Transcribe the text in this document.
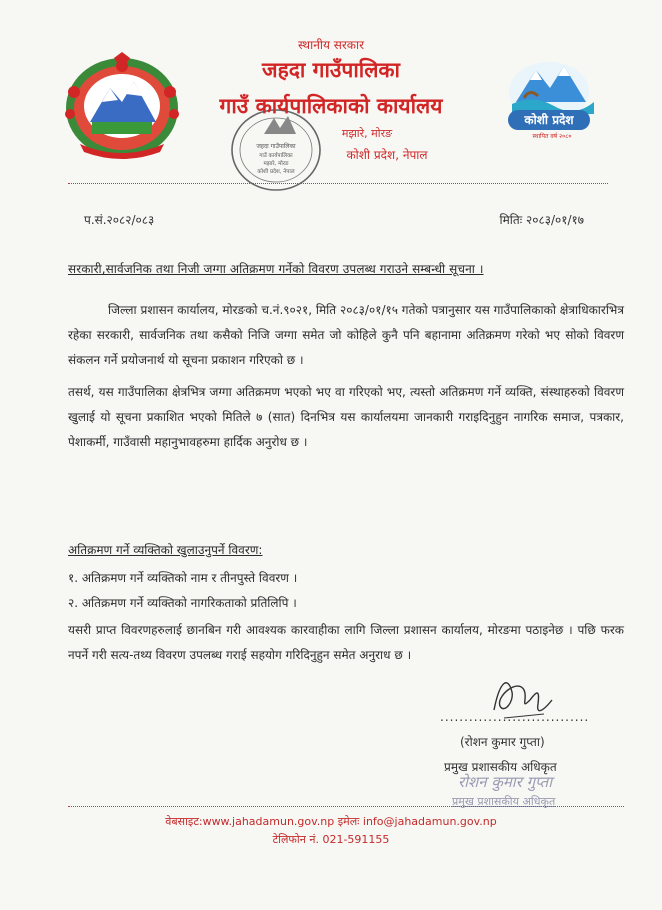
कोशी प्रदेश
स्थापित वर्ष २०८०
जहदा गाउँपालिका
गाउँ कार्यपालिका
मझारे, मोरङ
कोशी प्रदेश, नेपाल
स्थानीय सरकार
जहदा गाउँपालिका
गाउँ कार्यपालिकाको कार्यालय
मझारे, मोरङ
कोशी प्रदेश, नेपाल
प.सं.२०८२/०८३	मितिः २०८३/०१/१७
सरकारी,सार्वजनिक तथा निजी जग्गा अतिक्रमण गर्नेको विवरण उपलब्ध गराउने सम्बन्धी सूचना ।
जिल्ला प्रशासन कार्यालय, मोरङको च.नं.९०२१, मिति २०८३/०१/१५ गतेको पत्रानुसार यस गाउँपालिकाको क्षेत्राधिकारभित्र रहेका सरकारी, सार्वजनिक तथा कसैको निजि जग्गा समेत जो कोहिले कुनै पनि बहानामा अतिक्रमण गरेको भए सोको विवरण संकलन गर्ने प्रयोजनार्थ यो सूचना प्रकाशन गरिएको छ ।
तसर्थ, यस गाउँपालिका क्षेत्रभित्र जग्गा अतिक्रमण भएको भए वा गरिएको भए, त्यस्तो अतिक्रमण गर्ने व्यक्ति, संस्थाहरुको विवरण खुलाई यो सूचना प्रकाशित भएको मितिले ७ (सात) दिनभित्र यस कार्यालयमा जानकारी गराइदिनुहुन नागरिक समाज, पत्रकार, पेशाकर्मी, गाउँवासी महानुभावहरुमा हार्दिक अनुरोध छ ।
अतिक्रमण गर्ने व्यक्तिको खुलाउनुपर्ने विवरण:
१. अतिक्रमण गर्ने व्यक्तिको नाम र तीनपुस्ते विवरण ।
२. अतिक्रमण गर्ने व्यक्तिको नागरिकताको प्रतिलिपि ।
यसरी प्राप्त विवरणहरुलाई छानबिन गरी आवश्यक कारवाहीका लागि जिल्ला प्रशासन कार्यालय, मोरङमा पठाइनेछ । पछि फरक नपर्ने गरी सत्य-तथ्य विवरण उपलब्ध गराई सहयोग गरिदिनुहुन समेत अनुराध छ ।
...............................
(रोशन कुमार गुप्ता)
प्रमुख प्रशासकीय अधिकृत
रोशन कुमार गुप्ता
प्रमुख प्रशासकीय अधिकृत
वेबसाइट:www.jahadamun.gov.np इमेलः info@jahadamun.gov.np
टेलिफोन नं. 021-591155
